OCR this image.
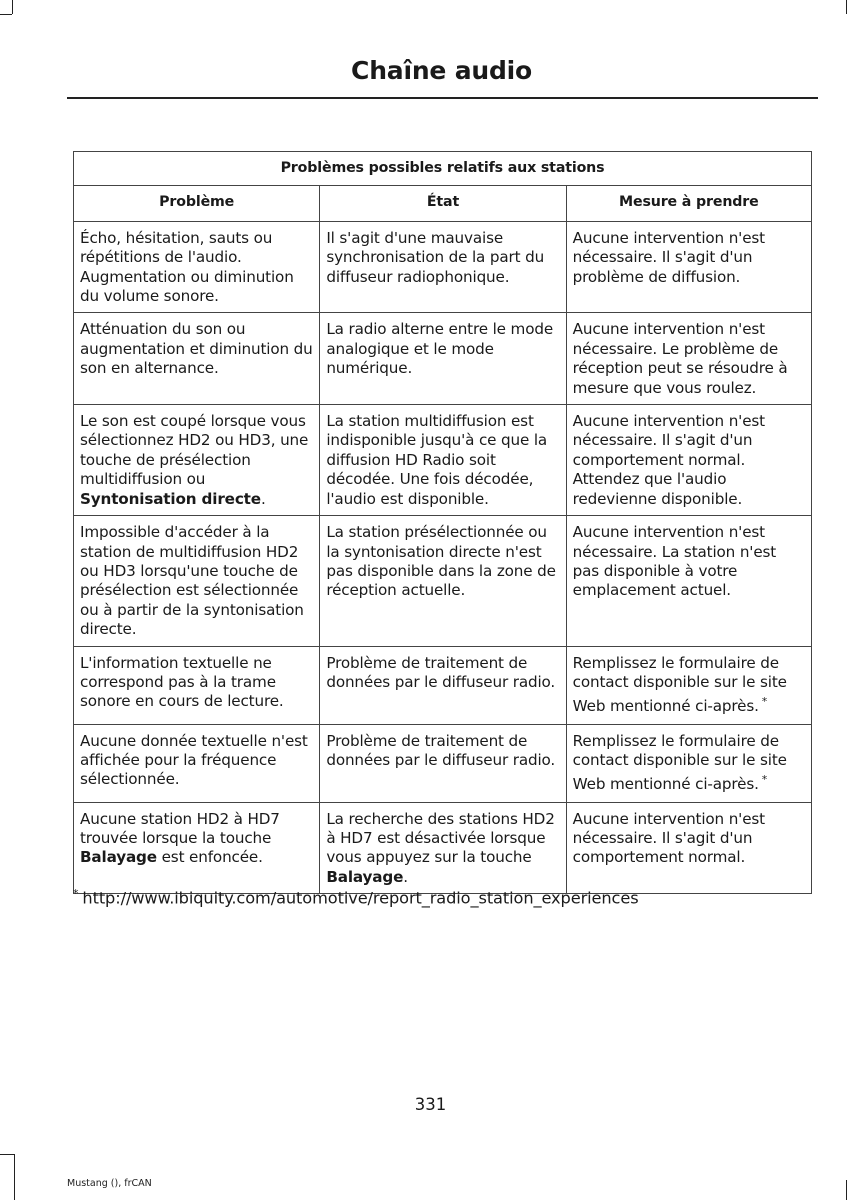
Chaîne audio
Problèmes possibles relatifs aux stations		
Problème	État	Mesure à prendre
Écho, hésitation, sauts ou répétitions de l'audio. Augmentation ou diminution du volume sonore.	Il s'agit d'une mauvaise synchronisation de la part du diffuseur radiophonique.	Aucune intervention n'est nécessaire. Il s'agit d'un problème de diffusion.
Atténuation du son ou augmentation et diminution du son en alternance.	La radio alterne entre le mode analogique et le mode numérique.	Aucune intervention n'est nécessaire. Le problème de réception peut se résoudre à mesure que vous roulez.
Le son est coupé lorsque vous sélectionnez HD2 ou HD3, une touche de présélection multidiffusion ou Syntonisation directe.	La station multidiffusion est indisponible jusqu'à ce que la diffusion HD Radio soit décodée. Une fois décodée, l'audio est disponible.	Aucune intervention n'est nécessaire. Il s'agit d'un comportement normal. Attendez que l'audio redevienne disponible.
Impossible d'accéder à la station de multidiffusion HD2 ou HD3 lorsqu'une touche de présélection est sélectionnée ou à partir de la syntonisation directe.	La station présélectionnée ou la syntonisation directe n'est pas disponible dans la zone de réception actuelle.	Aucune intervention n'est nécessaire. La station n'est pas disponible à votre emplacement actuel.
L'information textuelle ne correspond pas à la trame sonore en cours de lecture.	Problème de traitement de données par le diffuseur radio.	Remplissez le formulaire de contact disponible sur le site Web mentionné ci-après. *
Aucune donnée textuelle n'est affichée pour la fréquence sélectionnée.	Problème de traitement de données par le diffuseur radio.	Remplissez le formulaire de contact disponible sur le site Web mentionné ci-après. *
Aucune station HD2 à HD7 trouvée lorsque la touche Balayage est enfoncée.	La recherche des stations HD2 à HD7 est désactivée lorsque vous appuyez sur la touche Balayage.	Aucune intervention n'est nécessaire. Il s'agit d'un comportement normal.
* http://www.ibiquity.com/automotive/report_radio_station_experiences
331
Mustang (), frCAN
